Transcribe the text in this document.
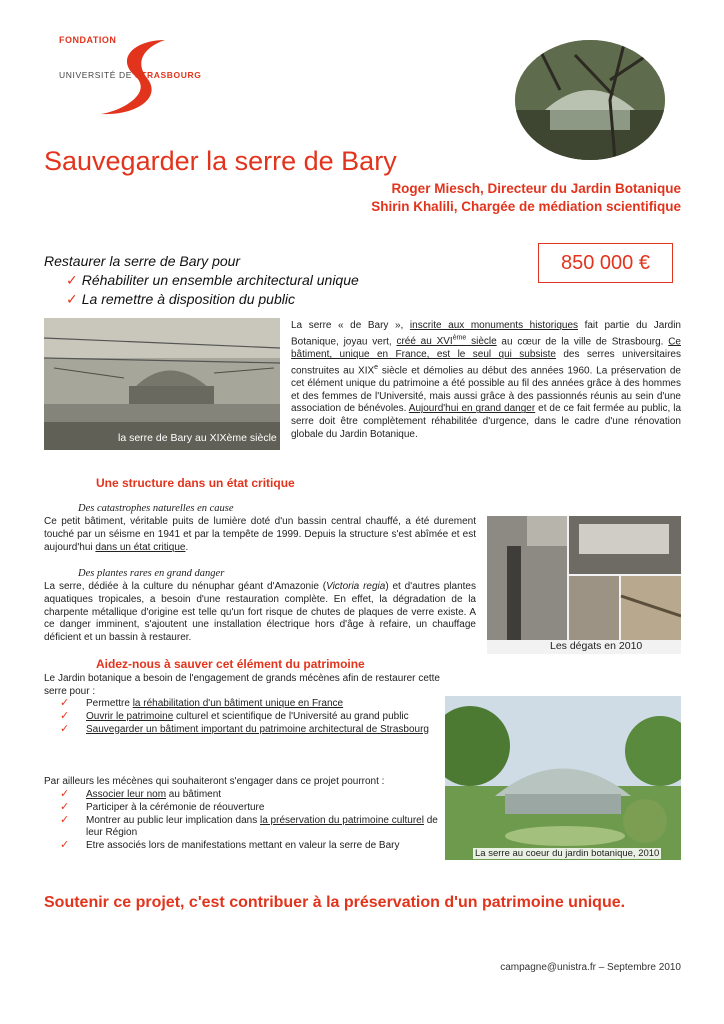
FONDATION
UNIVERSITÉ DE STRASBOURG
Sauvegarder la serre de Bary
Roger Miesch, Directeur du Jardin Botanique
Shirin Khalili, Chargée de médiation scientifique
Restaurer la serre de Bary pour
✓ Réhabiliter un ensemble architectural unique
✓ La remettre à disposition du public
850 000 €
la serre de Bary au XIXème siècle
La serre « de Bary », inscrite aux monuments historiques fait partie du Jardin Botanique, joyau vert, créé au XVIème siècle au cœur de la ville de Strasbourg. Ce bâtiment, unique en France, est le seul qui subsiste des serres universitaires construites au XIXe siècle et démolies au début des années 1960. La préservation de cet élément unique du patrimoine a été possible au fil des années grâce à des hommes et des femmes de l'Université, mais aussi grâce à des passionnés réunis au sein d'une association de bénévoles. Aujourd'hui en grand danger et de ce fait fermée au public, la serre doit être complètement réhabilitée d'urgence, dans le cadre d'une rénovation globale du Jardin Botanique.
Une structure dans un état critique
Des catastrophes naturelles en cause
Ce petit bâtiment, véritable puits de lumière doté d'un bassin central chauffé, a été durement touché par un séisme en 1941 et par la tempête de 1999. Depuis la structure s'est abîmée et est aujourd'hui dans un état critique.
Des plantes rares en grand danger
La serre, dédiée à la culture du nénuphar géant d'Amazonie (Victoria regia) et d'autres plantes aquatiques tropicales, a besoin d'une restauration complète. En effet, la dégradation de la charpente métallique d'origine est telle qu'un fort risque de chutes de plaques de verre existe. A ce danger imminent, s'ajoutent une installation électrique hors d'âge à refaire, un chauffage déficient et un bassin à restaurer.
Les dégats en 2010
Aidez-nous à sauver cet élément du patrimoine
Le Jardin botanique a besoin de l'engagement de grands mécènes afin de restaurer cette serre pour :
✓ Permettre la réhabilitation d'un bâtiment unique en France
✓ Ouvrir le patrimoine culturel et scientifique de l'Université au grand public
✓ Sauvegarder un bâtiment important du patrimoine architectural de Strasbourg
La serre au coeur du jardin botanique, 2010
Par ailleurs les mécènes qui souhaiteront s'engager dans ce projet pourront :
✓ Associer leur nom au bâtiment
✓ Participer à la cérémonie de réouverture
✓ Montrer au public leur implication dans la préservation du patrimoine culturel de leur Région
✓ Etre associés lors de manifestations mettant en valeur la serre de Bary
Soutenir ce projet, c'est contribuer à la préservation d'un patrimoine unique.
campagne@unistra.fr – Septembre 2010
